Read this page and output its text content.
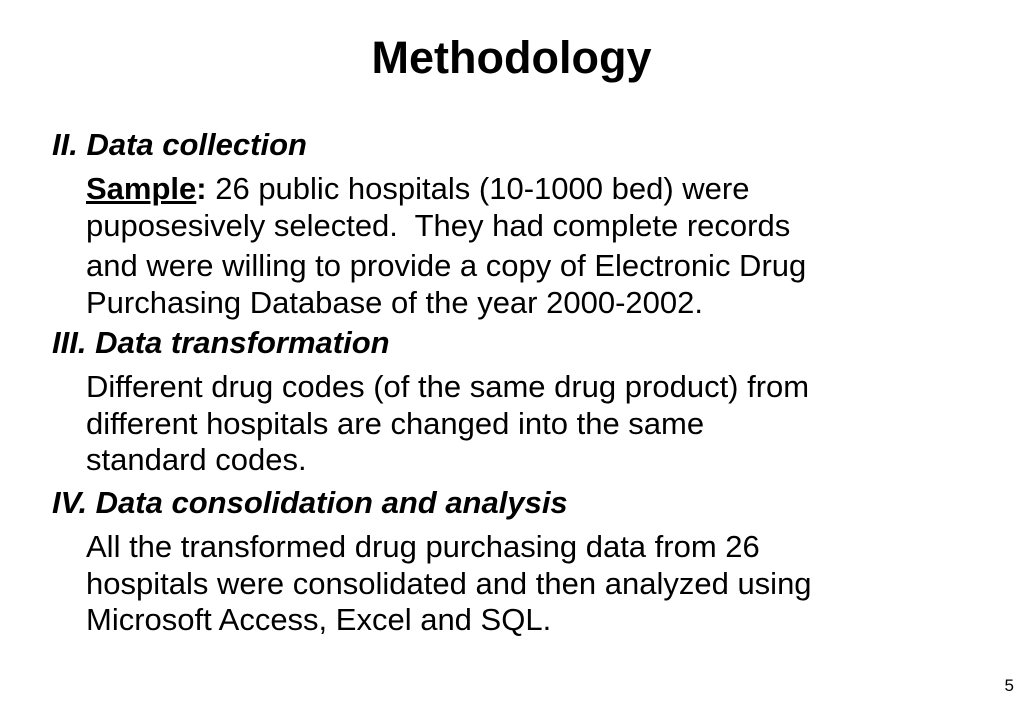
Methodology
II. Data collection
Sample: 26 public hospitals (10-1000 bed) were
puposesively selected.  They had complete records
and were willing to provide a copy of Electronic Drug
Purchasing Database of the year 2000-2002.
III. Data transformation
Different drug codes (of the same drug product) from
different hospitals are changed into the same
standard codes.
IV. Data consolidation and analysis
All the transformed drug purchasing data from 26
hospitals were consolidated and then analyzed using
Microsoft Access, Excel and SQL.
5
